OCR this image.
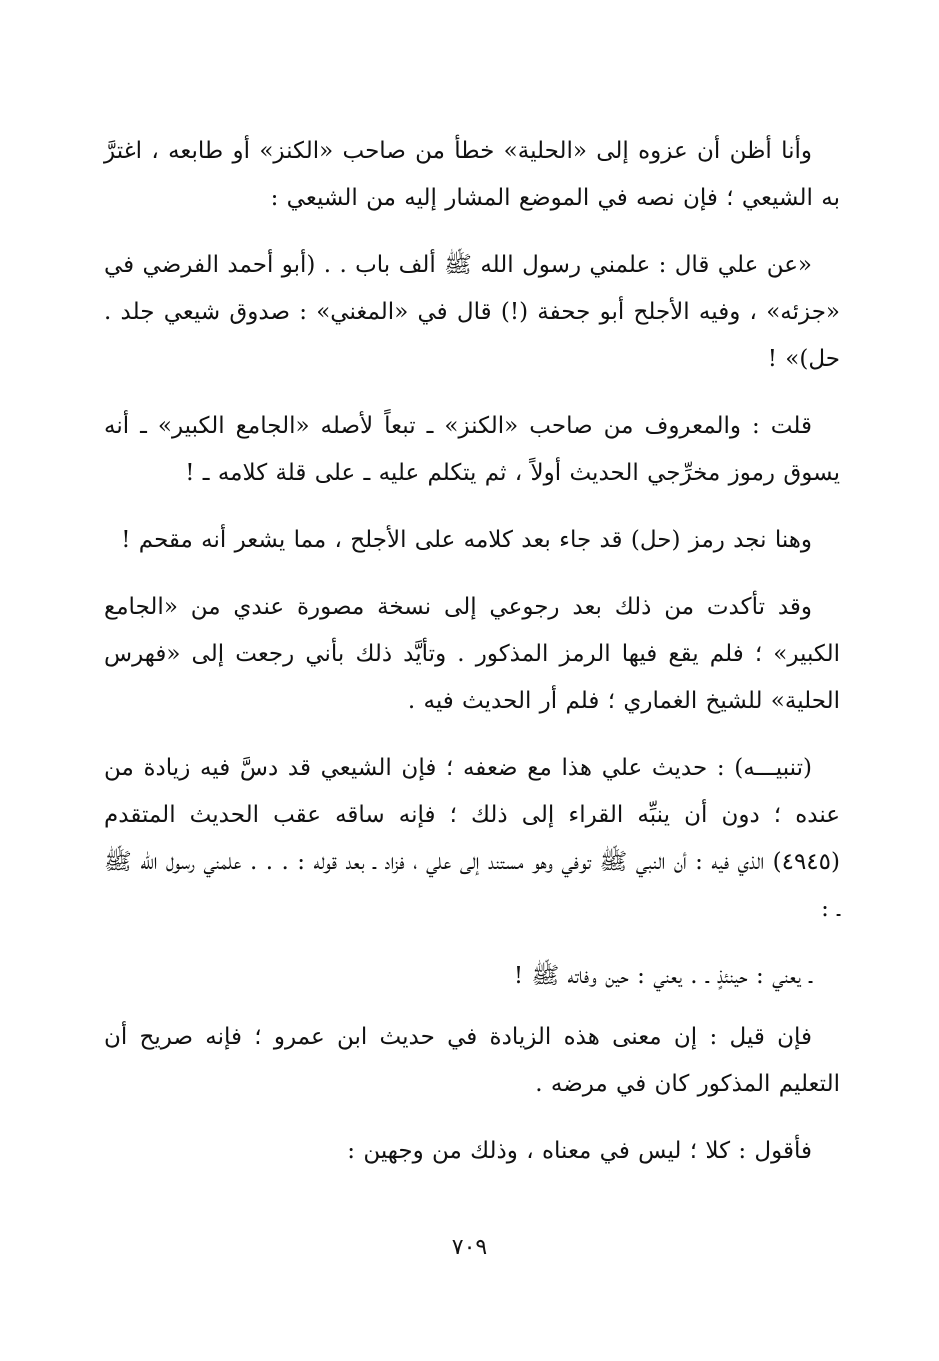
وأنا أظن أن عزوه إلى «الحلية» خطأ من صاحب «الكنز» أو طابعه ، اغترَّ به الشيعي ؛ فإن نصه في الموضع المشار إليه من الشيعي :

«عن علي قال : علمني رسول الله ﷺ ألف باب . . (أبو أحمد الفرضي في «جزئه» ، وفيه الأجلح أبو جحفة (!) قال في «المغني» : صدوق شيعي جلد . حل)» !

قلت : والمعروف من صاحب «الكنز» ـ تبعاً لأصله «الجامع الكبير» ـ أنه يسوق رموز مخرِّجي الحديث أولاً ، ثم يتكلم عليه ـ على قلة كلامه ـ !

وهنا نجد رمز (حل) قد جاء بعد كلامه على الأجلح ، مما يشعر أنه مقحم !

وقد تأكدت من ذلك بعد رجوعي إلى نسخة مصورة عندي من «الجامع الكبير» ؛ فلم يقع فيها الرمز المذكور . وتأيَّد ذلك بأني رجعت إلى «فهرس الحلية» للشيخ الغماري ؛ فلم أر الحديث فيه .

(تنبيـــه) : حديث علي هذا مع ضعفه ؛ فإن الشيعي قد دسَّ فيه زيادة من عنده ؛ دون أن ينبِّه القراء إلى ذلك ؛ فإنه ساقه عقب الحديث المتقدم (٤٩٤٥) الذي فيه : أن النبي ﷺ توفي وهو مستند إلى علي ، فزاد ـ بعد قوله : . . . علمني رسول الله ﷺ ـ :

ـ يعني : حينئذٍ ـ . يعني : حين وفاته ﷺ !

فإن قيل : إن معنى هذه الزيادة في حديث ابن عمرو ؛ فإنه صريح أن التعليم المذكور كان في مرضه .

فأقول : كلا ؛ ليس في معناه ، وذلك من وجهين :

٧٠٩
